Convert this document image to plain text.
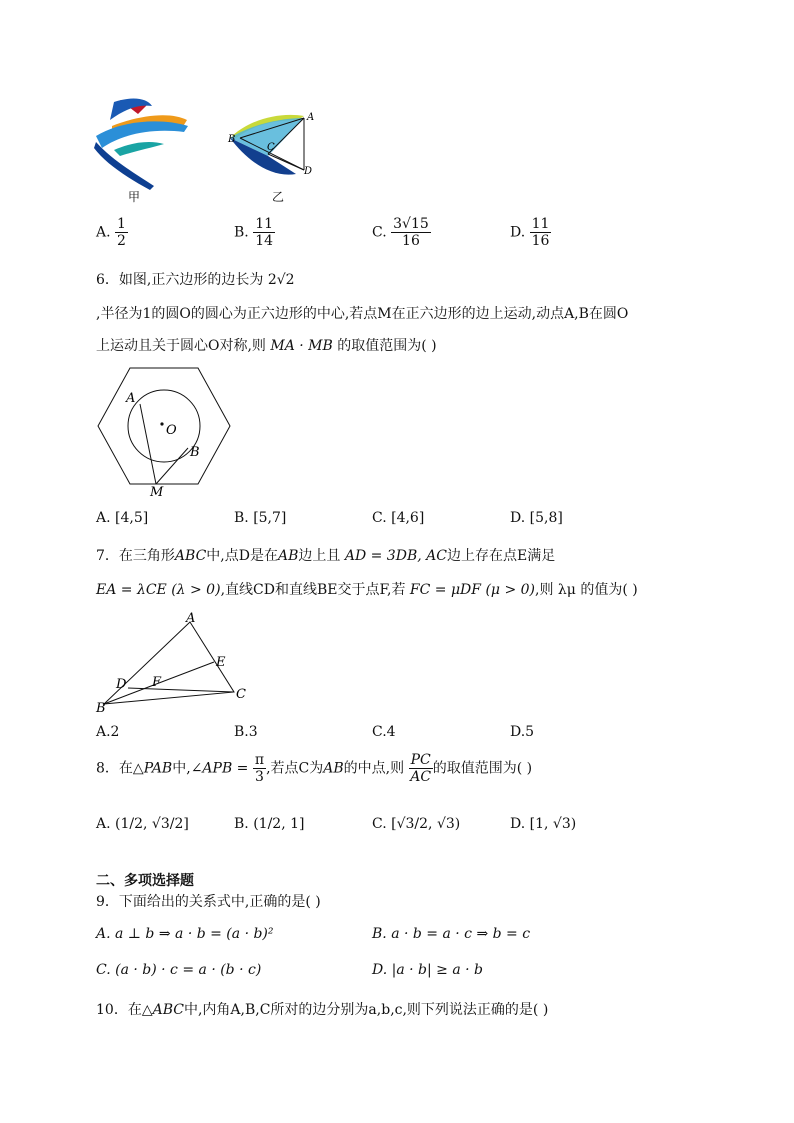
甲
A
B
C
D
乙
A. $\frac{1}{2}$	B. $\frac{11}{14}$	C. $\frac{3√15}{16}$	D. $\frac{11}{16}$
6．如图,正六边形的边长为 2√2
,半径为1的圆O的圆心为正六边形的中心,若点M在正六边形的边上运动,动点A,B在圆O
上运动且关于圆心O对称,则 MA · MB 的取值范围为( )
A
O
B
M
A. [4,5]	B. [5,7]	C. [4,6]	D. [5,8]
7．在三角形ABC中,点D是在AB边上且 AD = 3DB, AC边上存在点E满足
EA = λCE (λ > 0),直线CD和直线BE交于点F,若 FC = μDF (μ > 0),则 λμ 的值为( )
A
E
D F
C
B
A.2	B.3	C.4	D.5
8．在△PAB中,∠APB = $\frac{\pi}{3}$ ,若点C为AB的中点,则 $\frac{PC}{AC}$ 的取值范围为( )
A. (1/2, √3/2]	B. (1/2, 1]	C. [√3/2, √3)	D. [1, √3)
二、多项选择题
9．下面给出的关系式中,正确的是( )
A. a ⊥ b ⇒ a · b = (a · b)²	B. a · b = a · c ⇒ b = c
C. (a · b) · c = a · (b · c)	D. |a · b| ≥ a · b
10．在△ABC中,内角A,B,C所对的边分别为a,b,c,则下列说法正确的是( )
